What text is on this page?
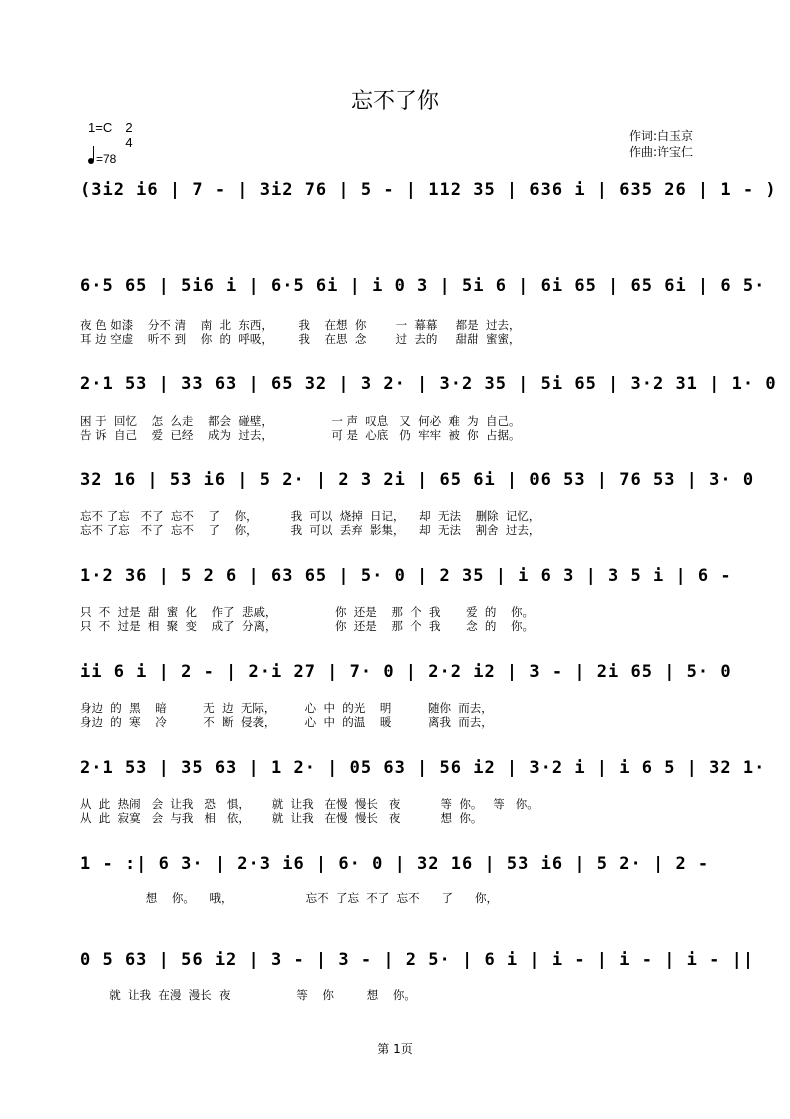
忘不了你
1=C 2
4
=78
作词:白玉京
作曲:许宝仁
(3i2 i6 | 7 - | 3i2 76 | 5 - | 112 35 | 636 i | 635 26 | 1 - )
6·5 65 | 5i6 i | 6·5 6i | i 0 3 | 5i 6 | 6i 65 | 65 6i | 6 5·
夜 色 如漆    分不 清    南  北  东西，       我    在想  你        一  幕幕     都是  过去，
耳 边 空虚    听不 到    你  的  呼吸，       我    在思  念        过  去的     甜甜  蜜蜜，
2·1 53 | 33 63 | 65 32 | 3 2· | 3·2 35 | 5i 65 | 3·2 31 | 1· 0
困 于  回忆    怎  么走    都会  碰壁，                一 声  叹息   又  何必  难  为  自己。
告 诉  自己    爱  已经    成为  过去，                可 是  心底   仍  牢牢  被  你  占据。
32 16 | 53 i6 | 5 2· | 2 3 2i | 65 6i | 06 53 | 76 53 | 3· 0
忘不 了忘   不了  忘不    了    你，         我  可以  烧掉  日记，    却  无法    删除  记忆，
忘不 了忘   不了  忘不    了    你，         我  可以  丢弃  影集，    却  无法    割舍  过去，
1·2 36 | 5 2 6 | 63 65 | 5· 0 | 2 35 | i 6 3 | 3 5 i | 6 -
只  不  过是  甜  蜜  化    作了  悲戚，                你  还是    那  个  我       爱  的    你。
只  不  过是  相  聚  变    成了  分离，                你  还是    那  个  我       念  的    你。
ii 6 i | 2 - | 2·i 27 | 7· 0 | 2·2 i2 | 3 - | 2i 65 | 5· 0
身边  的  黑    暗          无  边  无际，        心  中  的光    明          随你  而去，
身边  的  寒    冷          不  断  侵袭，        心  中  的温    暖          离我  而去，
2·1 53 | 35 63 | 1 2· | 05 63 | 56 i2 | 3·2 i | i 6 5 | 32 1·
从  此  热闹   会  让我   恐   惧，      就  让我   在慢  慢长   夜           等  你。   等   你。
从  此  寂寞   会  与我   相   依，      就  让我   在慢  慢长   夜           想  你。
1 - :| 6 3· | 2·3 i6 | 6· 0 | 32 16 | 53 i6 | 5 2· | 2 -
想    你。    哦，                    忘不  了忘  不了  忘不      了      你，
0 5 63 | 56 i2 | 3 - | 3 - | 2 5· | 6 i | i - | i - | i - ||
就  让我  在漫  漫长  夜                  等    你         想    你。
第 1页
